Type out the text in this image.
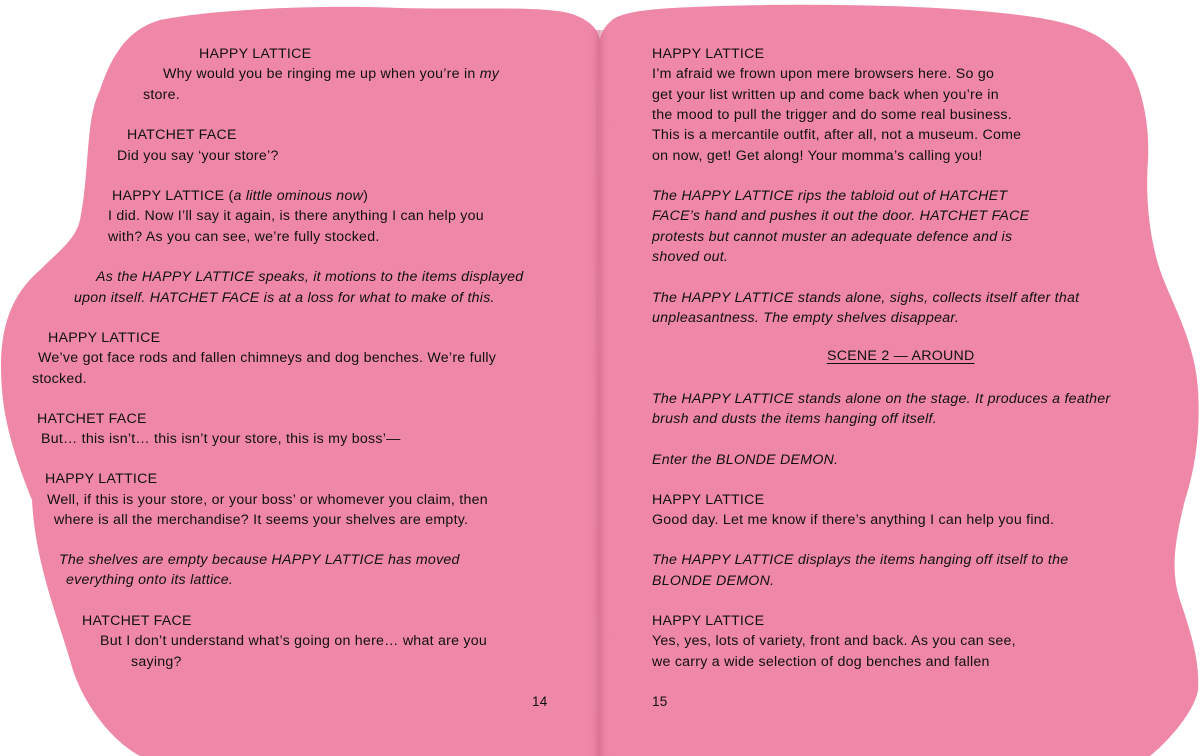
HAPPY LATTICE
Why would you be ringing me up when you’re in my
store.
HATCHET FACE
Did you say ‘your store’?
HAPPY LATTICE (a little ominous now)
I did. Now I’ll say it again, is there anything I can help you
with? As you can see, we’re fully stocked.
As the HAPPY LATTICE speaks, it motions to the items displayed
upon itself. HATCHET FACE is at a loss for what to make of this.
HAPPY LATTICE
We’ve got face rods and fallen chimneys and dog benches. We’re fully
stocked.
HATCHET FACE
But… this isn’t… this isn’t your store, this is my boss’—
HAPPY LATTICE
Well, if this is your store, or your boss’ or whomever you claim, then
where is all the merchandise? It seems your shelves are empty.
The shelves are empty because HAPPY LATTICE has moved
everything onto its lattice.
HATCHET FACE
But I don’t understand what’s going on here… what are you
saying?
HAPPY LATTICE
I’m afraid we frown upon mere browsers here. So go
get your list written up and come back when you’re in
the mood to pull the trigger and do some real business.
This is a mercantile outfit, after all, not a museum. Come
on now, get! Get along! Your momma’s calling you!
The HAPPY LATTICE rips the tabloid out of HATCHET
FACE’s hand and pushes it out the door. HATCHET FACE
protests but cannot muster an adequate defence and is
shoved out.
The HAPPY LATTICE stands alone, sighs, collects itself after that
unpleasantness. The empty shelves disappear.
The HAPPY LATTICE stands alone on the stage. It produces a feather
brush and dusts the items hanging off itself.
Enter the BLONDE DEMON.
HAPPY LATTICE
Good day. Let me know if there’s anything I can help you find.
The HAPPY LATTICE displays the items hanging off itself to the
BLONDE DEMON.
HAPPY LATTICE
Yes, yes, lots of variety, front and back. As you can see,
we carry a wide selection of dog benches and fallen
14	15
SCENE 2 — AROUND
